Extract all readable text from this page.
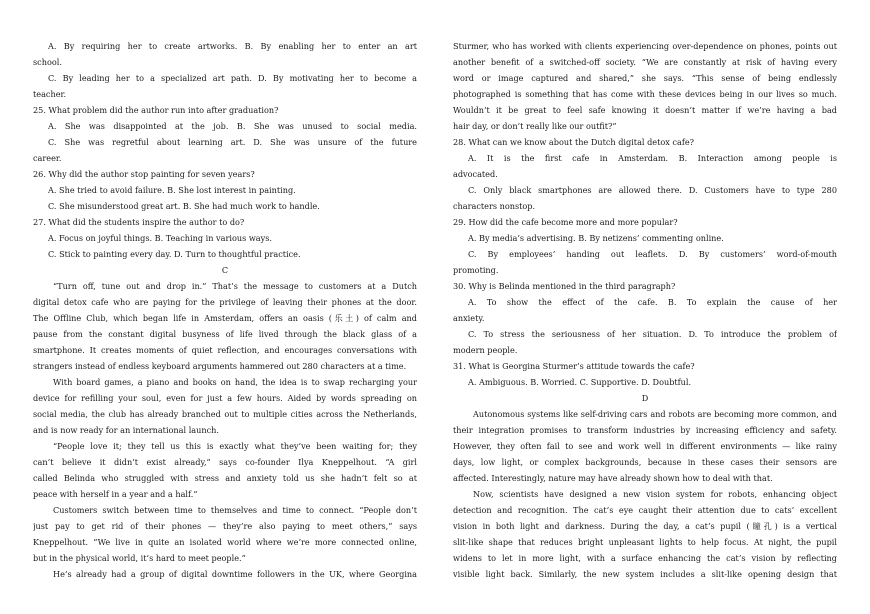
A. By requiring her to create artworks. B. By enabling her to enter an art
school.
C. By leading her to a specialized art path. D. By motivating her to become a
teacher.
25. What problem did the author run into after graduation?
A. She was disappointed at the job. B. She was unused to social media.
C. She was regretful about learning art. D. She was unsure of the future
career.
26. Why did the author stop painting for seven years?
A. She tried to avoid failure. B. She lost interest in painting.
C. She misunderstood great art. B. She had much work to handle.
27. What did the students inspire the author to do?
A. Focus on joyful things. B. Teaching in various ways.
C. Stick to painting every day. D. Turn to thoughtful practice.
C
“Turn off, tune out and drop in.” That’s the message to customers at a Dutch
digital detox cafe who are paying for the privilege of leaving their phones at the door.
The Offline Club, which began life in Amsterdam, offers an oasis (乐土) of calm and
pause from the constant digital busyness of life lived through the black glass of a
smartphone. It creates moments of quiet reflection, and encourages conversations with
strangers instead of endless keyboard arguments hammered out 280 characters at a time.
With board games, a piano and books on hand, the idea is to swap recharging your
device for refilling your soul, even for just a few hours. Aided by words spreading on
social media, the club has already branched out to multiple cities across the Netherlands,
and is now ready for an international launch.
“People love it; they tell us this is exactly what they’ve been waiting for; they
can’t believe it didn’t exist already,” says co-founder Ilya Kneppelhout. “A girl
called Belinda who struggled with stress and anxiety told us she hadn’t felt so at
peace with herself in a year and a half.”
Customers switch between time to themselves and time to connect. “People don’t
just pay to get rid of their phones — they’re also paying to meet others,” says
Kneppelhout. “We live in quite an isolated world where we’re more connected online,
but in the physical world, it’s hard to meet people.”
He’s already had a group of digital downtime followers in the UK, where Georgina
Sturmer, who has worked with clients experiencing over-dependence on phones, points out
another benefit of a switched-off society. “We are constantly at risk of having every
word or image captured and shared,” she says. “This sense of being endlessly
photographed is something that has come with these devices being in our lives so much.
Wouldn’t it be great to feel safe knowing it doesn’t matter if we’re having a bad
hair day, or don’t really like our outfit?”
28. What can we know about the Dutch digital detox cafe?
A. It is the first cafe in Amsterdam. B. Interaction among people is
advocated.
C. Only black smartphones are allowed there. D. Customers have to type 280
characters nonstop.
29. How did the cafe become more and more popular?
A. By media’s advertising. B. By netizens’ commenting online.
C. By employees’ handing out leaflets. D. By customers’ word-of-mouth
promoting.
30. Why is Belinda mentioned in the third paragraph?
A. To show the effect of the cafe. B. To explain the cause of her
anxiety.
C. To stress the seriousness of her situation. D. To introduce the problem of
modern people.
31. What is Georgina Sturmer’s attitude towards the cafe?
A. Ambiguous. B. Worried. C. Supportive. D. Doubtful.
D
Autonomous systems like self-driving cars and robots are becoming more common, and
their integration promises to transform industries by increasing efficiency and safety.
However, they often fail to see and work well in different environments — like rainy
days, low light, or complex backgrounds, because in these cases their sensors are
affected. Interestingly, nature may have already shown how to deal with that.
Now, scientists have designed a new vision system for robots, enhancing object
detection and recognition. The cat’s eye caught their attention due to cats’ excellent
vision in both light and darkness. During the day, a cat’s pupil (瞳孔) is a vertical
slit-like shape that reduces bright unpleasant lights to help focus. At night, the pupil
widens to let in more light, with a surface enhancing the cat’s vision by reflecting
visible light back. Similarly, the new system includes a slit-like opening design that
